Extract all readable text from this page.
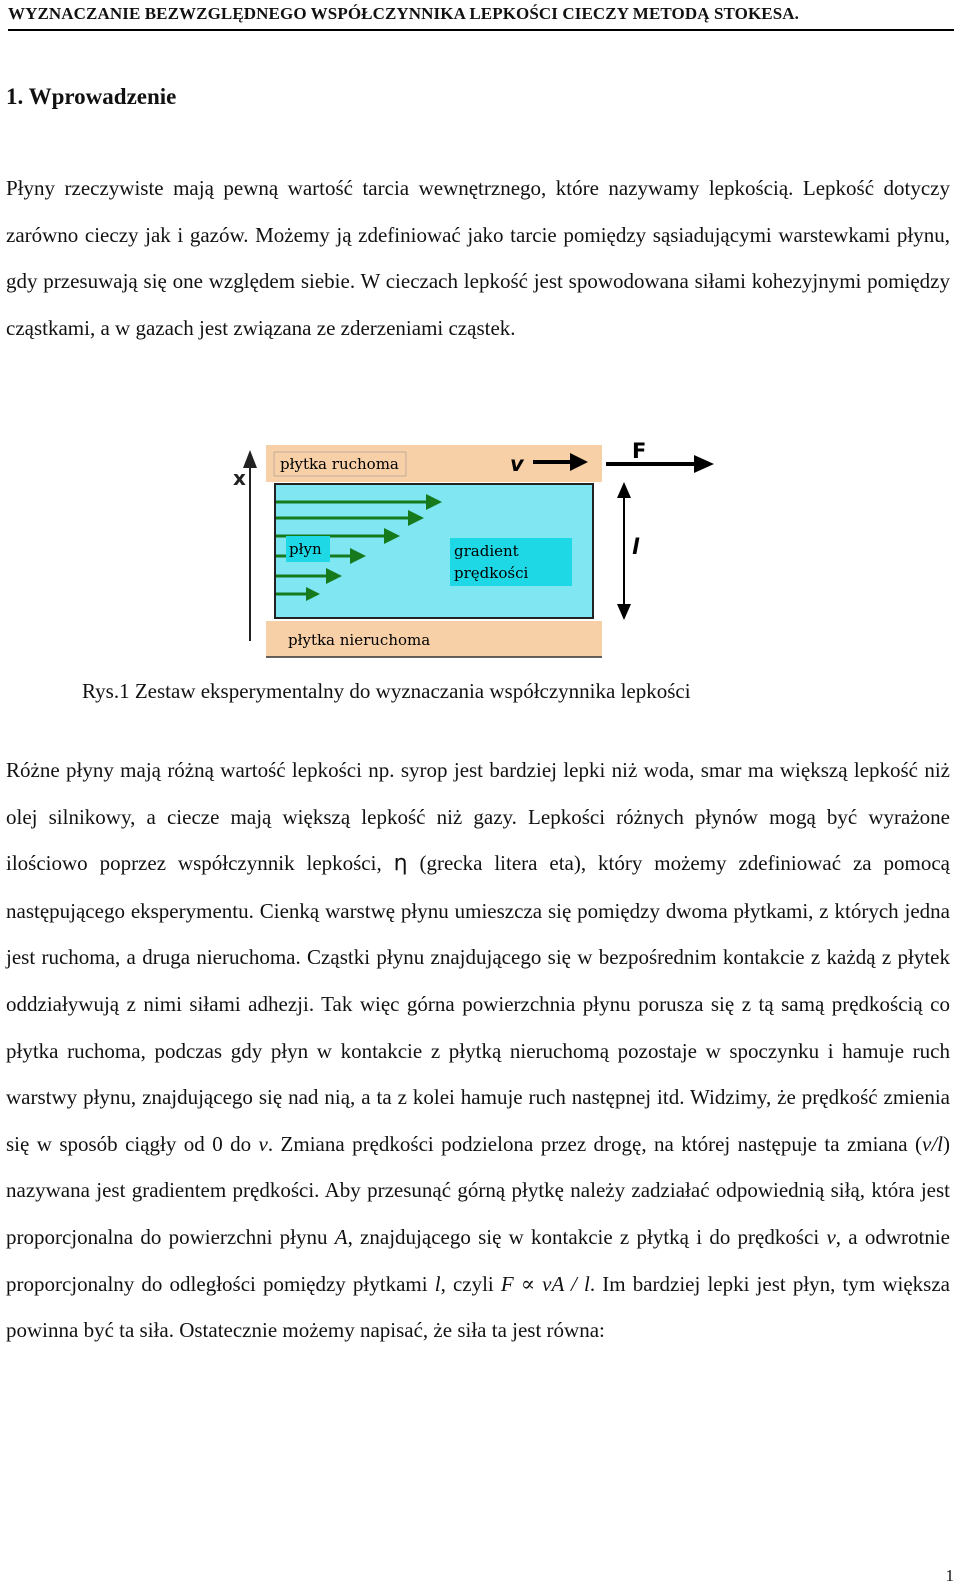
WYZNACZANIE BEZWZGLĘDNEGO WSPÓŁCZYNNIKA LEPKOŚCI CIECZY METODĄ STOKESA.
1. Wprowadzenie

Płyny rzeczywiste mają pewną wartość tarcia wewnętrznego, które nazywamy lepkością. Lepkość dotyczy zarówno cieczy jak i gazów. Możemy ją zdefiniować jako tarcie pomiędzy sąsiadującymi warstewkami płynu, gdy przesuwają się one względem siebie. W cieczach lepkość jest spowodowana siłami kohezyjnymi pomiędzy cząstkami, a w gazach jest związana ze zderzeniami cząstek.

x
płytka ruchoma	v
F
l
płyn	gradient
prędkości
płytka nieruchoma
Rys.1 Zestaw eksperymentalny do wyznaczania współczynnika lepkości

Różne płyny mają różną wartość lepkości np. syrop jest bardziej lepki niż woda, smar ma większą lepkość niż olej silnikowy, a ciecze mają większą lepkość niż gazy. Lepkości różnych płynów mogą być wyrażone ilościowo poprzez współczynnik lepkości, η (grecka litera eta), który możemy zdefiniować za pomocą następującego eksperymentu. Cienką warstwę płynu umieszcza się pomiędzy dwoma płytkami, z których jedna jest ruchoma, a druga nieruchoma. Cząstki płynu znajdującego się w bezpośrednim kontakcie z każdą z płytek oddziaływują z nimi siłami adhezji. Tak więc górna powierzchnia płynu porusza się z tą samą prędkością co płytka ruchoma, podczas gdy płyn w kontakcie z płytką nieruchomą pozostaje w spoczynku i hamuje ruch warstwy płynu, znajdującego się nad nią, a ta z kolei hamuje ruch następnej itd. Widzimy, że prędkość zmienia się w sposób ciągły od 0 do v. Zmiana prędkości podzielona przez drogę, na której następuje ta zmiana (v/l) nazywana jest gradientem prędkości. Aby przesunąć górną płytkę należy zadziałać odpowiednią siłą, która jest proporcjonalna do powierzchni płynu A, znajdującego się w kontakcie z płytką i do prędkości v, a odwrotnie proporcjonalny do odległości pomiędzy płytkami l, czyli F ∝ vA / l. Im bardziej lepki jest płyn, tym większa powinna być ta siła. Ostatecznie możemy napisać, że siła ta jest równa:

1
